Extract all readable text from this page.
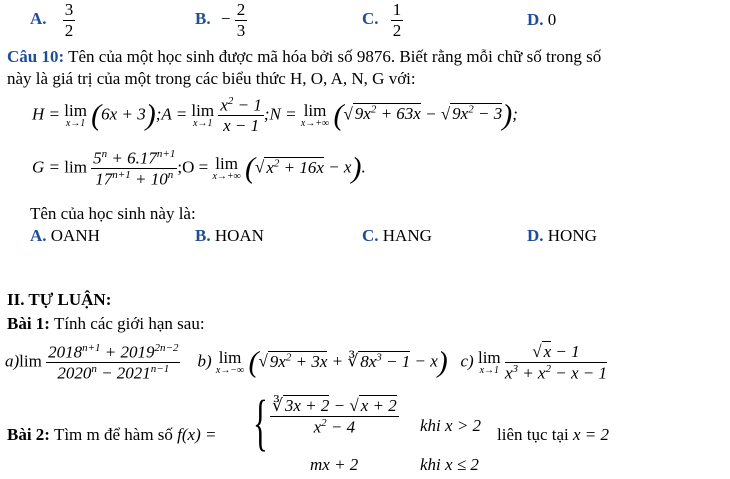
A. $\frac{3}{2}$	B. − $\frac{2}{3}$	C. $\frac{1}{2}$	D. 0
Câu 10: Tên của một học sinh được mã hóa bởi số 9876. Biết rằng mỗi chữ số trong số
này là giá trị của một trong các biểu thức H, O, A, N, G với:
H = lim
x→1 (6x + 3);A = lim
x→1
$\frac{x^2 - 1}{x - 1}$ ;N = lim
x→+∞ (√ $9x^2 + 63x$ − √ $9x^2 - 3$);
$G = \lim \frac{5^n + 6.17^{n+1}}{17^{n+1} + 10^n}$ ;O = lim
x→+∞ (√ $x^2 + 16x - x$).
Tên của học sinh này là:
A. OANH	B. HOAN	C. HANG	D. HONG
II. TỰ LUẬN:
Bài 1: Tính các giới hạn sau:
$a)\lim \frac{2018^{n+1} + 2019^{2n-2}}{2020^n - 2021^{n-1}} b$) lim
x→−∞ (√ $9x^2 + 3x$ + ∛ $8x^3 - 1 - x$)   c) lim
x→1
$\frac{√ x - 1}{x^3 + x^2 - x - 1}$
Bài 2: Tìm m để hàm số f(x) = { $\frac{∛ 3x + 2 - √ x + 2}{x^2 - 4}$ khi x > 2
mx + 2	khi x ≤ 2
liên tục tại x = 2
